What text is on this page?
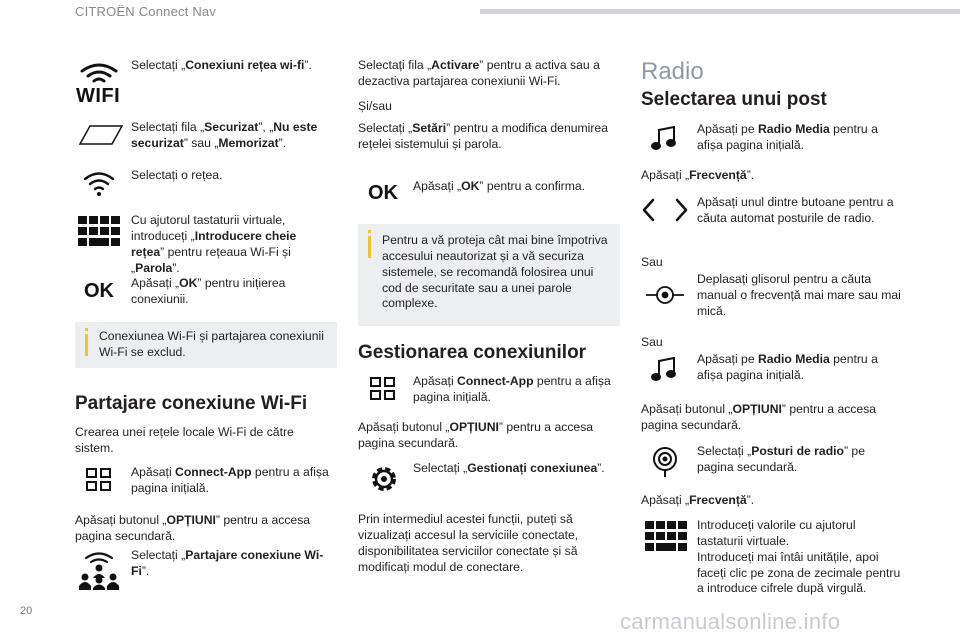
CITROËN Connect Nav
20	carmanualsonline.info
WIFI
Selectați „Conexiuni rețea wi-fi”.
Selectați fila „Securizat”, „Nu este securizat” sau „Memorizat”.
Selectați o rețea.
Cu ajutorul tastaturii virtuale, introduceți „Introducere cheie rețea” pentru rețeaua Wi-Fi și „Parola”.
OK Apăsați „OK” pentru inițierea conexiunii.
Conexiunea Wi-Fi și partajarea conexiunii Wi-Fi se exclud.
Partajare conexiune Wi-Fi
Crearea unei rețele locale Wi-Fi de către sistem.
Apăsați Connect-App pentru a afișa pagina inițială.
Apăsați butonul „OPȚIUNI” pentru a accesa pagina secundară.
Selectați „Partajare conexiune Wi-Fi”.
Selectați fila „Activare” pentru a activa sau a dezactiva partajarea conexiunii Wi-Fi.
Și/sau
Selectați „Setări” pentru a modifica denumirea rețelei sistemului și parola.
OK Apăsați „OK” pentru a confirma.
Pentru a vă proteja cât mai bine împotriva accesului neautorizat și a vă securiza sistemele, se recomandă folosirea unui cod de securitate sau a unei parole complexe.
Gestionarea conexiunilor
Apăsați Connect-App pentru a afișa pagina inițială.
Apăsați butonul „OPȚIUNI” pentru a accesa pagina secundară.
Selectați „Gestionați conexiunea”.
Prin intermediul acestei funcții, puteți să vizualizați accesul la serviciile conectate, disponibilitatea serviciilor conectate și să modificați modul de conectare.
Radio
Selectarea unui post
Apăsați pe Radio Media pentru a afișa pagina inițială.
Apăsați „Frecvență”.
Apăsați unul dintre butoane pentru a căuta automat posturile de radio.
Sau
Deplasați glisorul pentru a căuta manual o frecvență mai mare sau mai mică.
Sau
Apăsați pe Radio Media pentru a afișa pagina inițială.
Apăsați butonul „OPȚIUNI” pentru a accesa pagina secundară.
Selectați „Posturi de radio” pe pagina secundară.
Apăsați „Frecvență”.
Introduceți valorile cu ajutorul tastaturii virtuale.
Introduceți mai întâi unitățile, apoi faceți clic pe zona de zecimale pentru a introduce cifrele după virgulă.
